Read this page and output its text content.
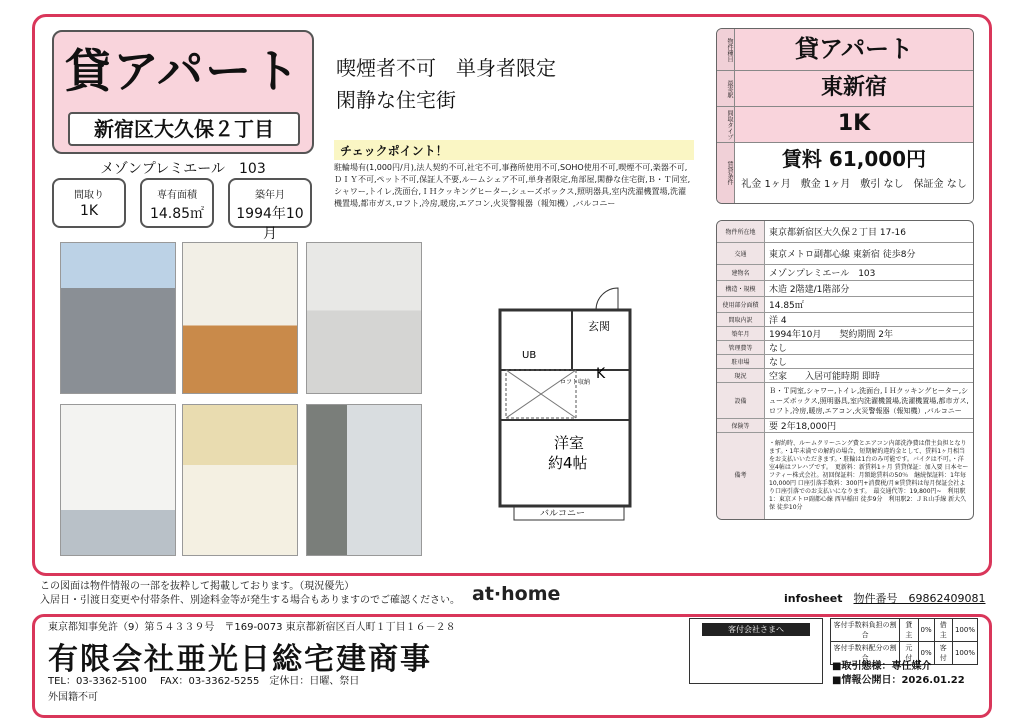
貸アパート
新宿区大久保２丁目
メゾンプレミエール　103
間取り
1K
専有面積
14.85㎡
築年月
1994年10月
喫煙者不可　単身者限定
閑静な住宅街
チェックポイント！
駐輪場有(1,000円/月),法人契約不可,社宅不可,事務所使用不可,SOHO使用不可,喫煙不可,楽器不可,ＤＩＹ不可,ペット不可,保証人不要,ルームシェア不可,単身者限定,角部屋,閑静な住宅街,Ｂ・Ｔ同室,シャワー,トイレ,洗面台,ＩＨクッキングヒーター,シューズボックス,照明器具,室内洗濯機置場,洗濯機置場,都市ガス,ロフト,冷房,暖房,エアコン,火災警報器（報知機）,バルコニー
玄関
UB
K
ロフト収納
洋室
約4帖
バルコニー
物件種目	貸アパート
最寄駅	東新宿
間取タイプ	1K
賃貸条件
賃料 61,000円
礼金 1ヶ月　敷金 1ヶ月　敷引 なし　保証金 なし
物件所在地	東京都新宿区大久保２丁目 17-16
交通	東京メトロ副都心線 東新宿 徒歩8分
建物名	メゾンプレミエール　103
構造・規模	木造 2階建/1階部分
使用部分面積	14.85㎡
間取内訳	洋 4
築年月	1994年10月　　契約期間 2年
管理費等	なし
駐車場	なし
現況	空家　　入居可能時期 即時
設備
Ｂ・Ｔ同室,シャワー,トイレ,洗面台,ＩＨクッキングヒーター,シューズボックス,照明器具,室内洗濯機置場,洗濯機置場,都市ガス,ロフト,冷房,暖房,エアコン,火災警報器（報知機）,バルコニー
保険等	要 2年18,000円
備考
・解約時、ルームクリーニング費とエアコン内部洗浄費は借主負担となります。・1年未満での解約の場合、短期解約違約金として、賃料1ヶ月相当をお支払いいただきます。・駐輪は1台のみ可能です。バイクは不可。・洋室4帖はフレハブです。　更新料：新賃料1ヶ月 賃貸保証：加入要 日本セーフティー株式会社。初回保証料：月額総賃料の50％　継続保証料：1年毎10,000円 口座引落手数料：300円+消費税/月※賃貸料は毎月保証会社より口座引落でのお支払いになります。　最交通代等：19,800円~　利用駅1：東京メトロ副都心線 西早稲田 徒歩9分　利用駅2：ＪＲ山手線 新大久保 徒歩10分
この図面は物件情報の一部を抜粋して掲載しております。（現況優先）
入居日・引渡日変更や付帯条件、別途料金等が発生する場合もありますのでご確認ください。 at·home	infosheet　 物件番号　69862409081
東京都知事免許（9）第５４３３９号　〒169-0073 東京都新宿区百人町１丁目１６－２８
有限会社亜光日総宅建商事
TEL：03-3362-5100　 FAX：03-3362-5255　定休日：日曜、祭日
外国籍不可
客付会社さまへ	客付手数料負担の割合	貸主	0%	借主	100%
客付手数料配分の割合	元付	0%	客付	100%
■取引態様：専任媒介
■情報公開日：2026.01.22
